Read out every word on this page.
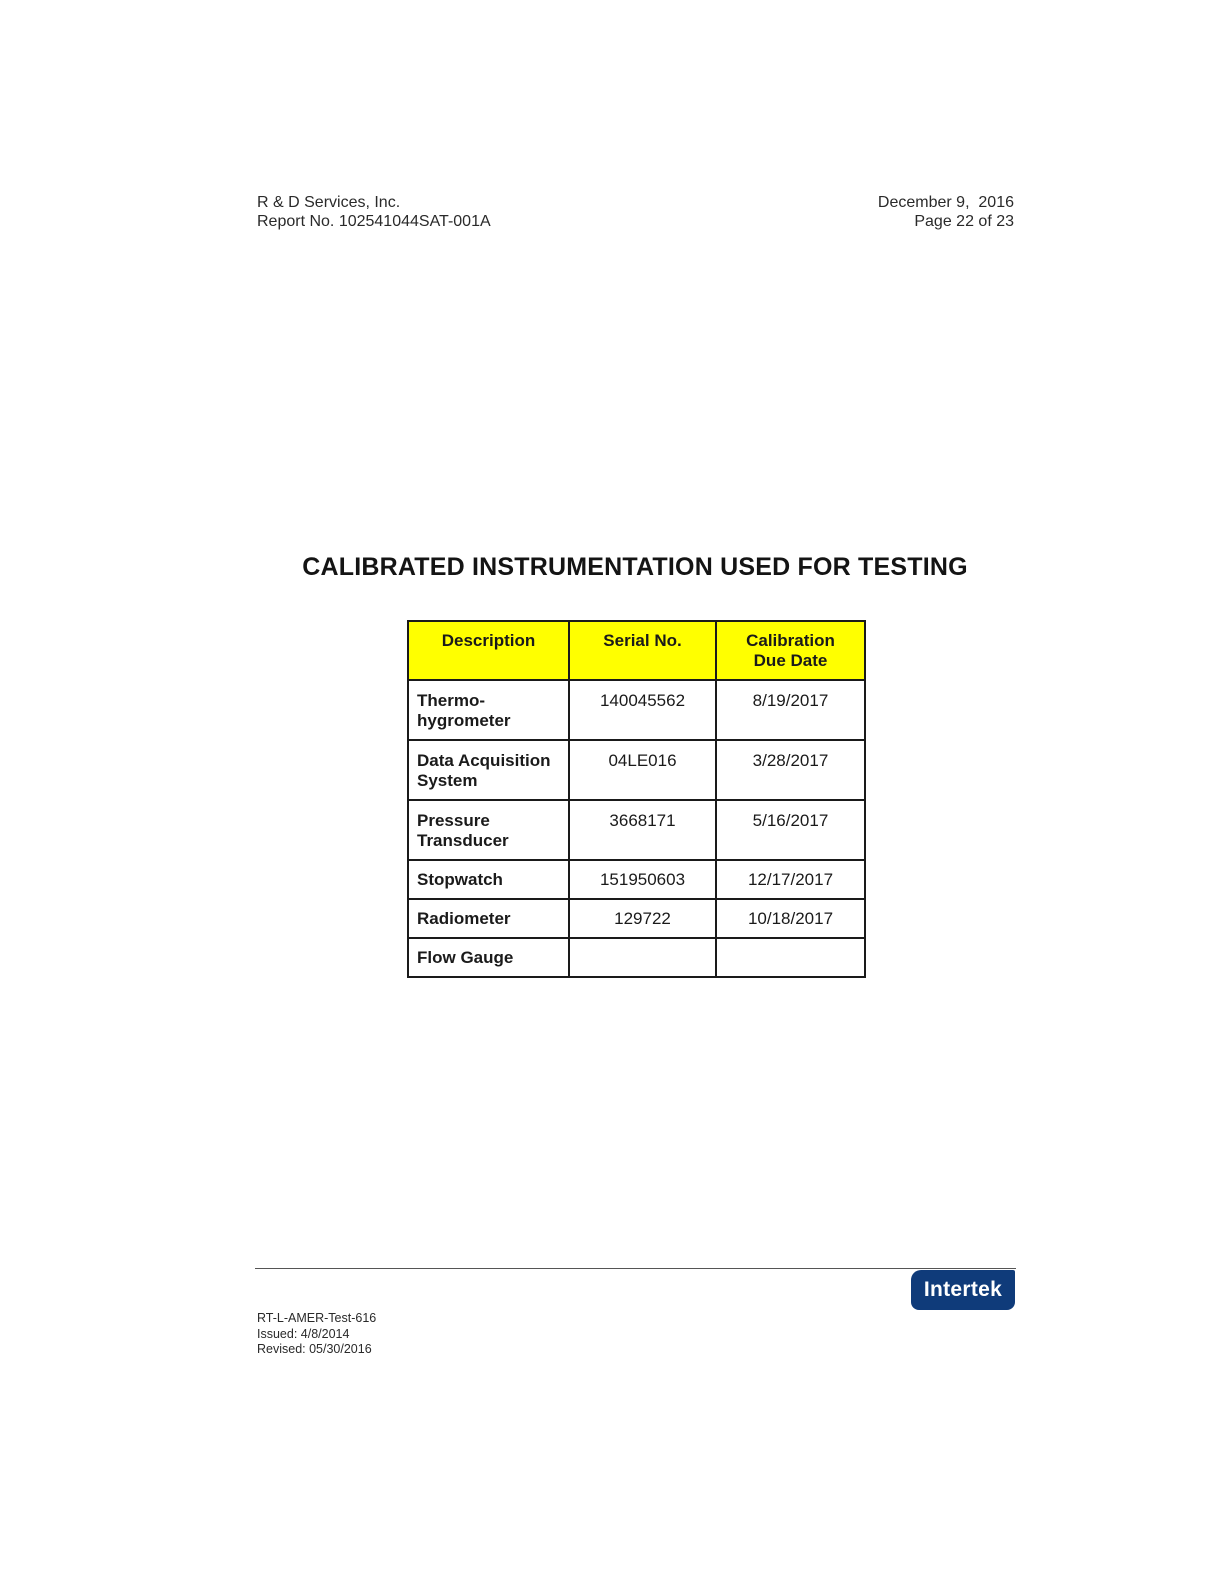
R & D Services, Inc.
Report No. 102541044SAT-001A
December 9,  2016
Page 22 of 23
CALIBRATED INSTRUMENTATION USED FOR TESTING
Description	Serial No.	Calibration
Due Date
Thermo-
hygrometer	140045562	8/19/2017
Data Acquisition
System	04LE016	3/28/2017
Pressure
Transducer	3668171	5/16/2017
Stopwatch	151950603	12/17/2017
Radiometer	129722	10/18/2017
Flow Gauge		
Intertek
RT-L-AMER-Test-616
Issued: 4/8/2014
Revised: 05/30/2016
